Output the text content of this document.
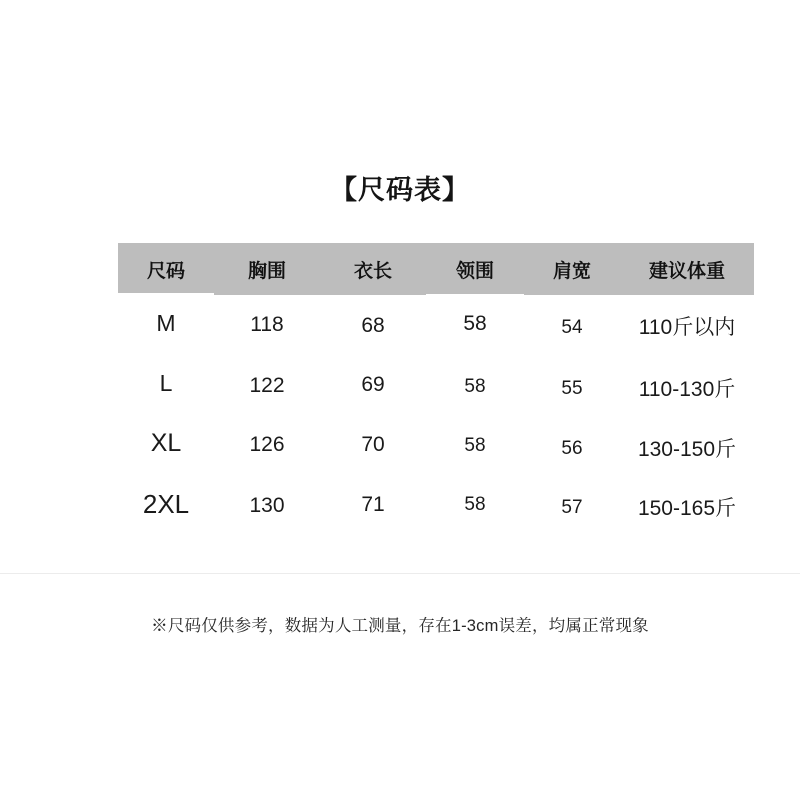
【尺码表】
尺码	胸围	衣长	领围	肩宽	建议体重
M	118	68	58	54	110斤以内
L	122	69	58	55	110-130斤
XL	126	70	58	56	130-150斤
2XL	130	71	58	57	150-165斤
※尺码仅供参考，数据为人工测量，存在1-3cm误差，均属正常现象
